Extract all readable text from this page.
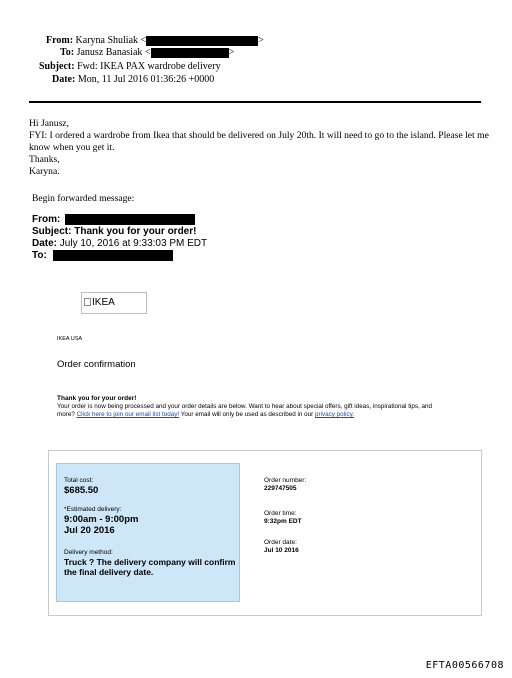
From: Karyna Shuliak <	>
To: Janusz Banasiak <	>
Subject: Fwd: IKEA PAX wardrobe delivery
Date: Mon, 11 Jul 2016 01:36:26 +0000
Hi Janusz,
FYI: I ordered a wardrobe from Ikea that should be delivered on July 20th. It will need to go to the island. Please let me know when you get it.
Thanks,
Karyna.
Begin forwarded message:
From:
Subject: Thank you for your order!
Date: July 10, 2016 at 9:33:03 PM EDT
To:
IKEA
IKEA USA
Order confirmation
Thank you for your order!
Your order is now being processed and your order details are below. Want to hear about special offers, gift ideas, inspirational tips, and more? Click here to join our email list today! Your email will only be used as described in our privacy policy.
Total cost:
$685.50
*Estimated delivery:
9:00am - 9:00pm
Jul 20 2016
Delivery method:
Truck ? The delivery company will confirm the final delivery date.
Order number:
229747505
Order time:
9:32pm EDT
Order date:
Jul 10 2016
EFTA00566708
